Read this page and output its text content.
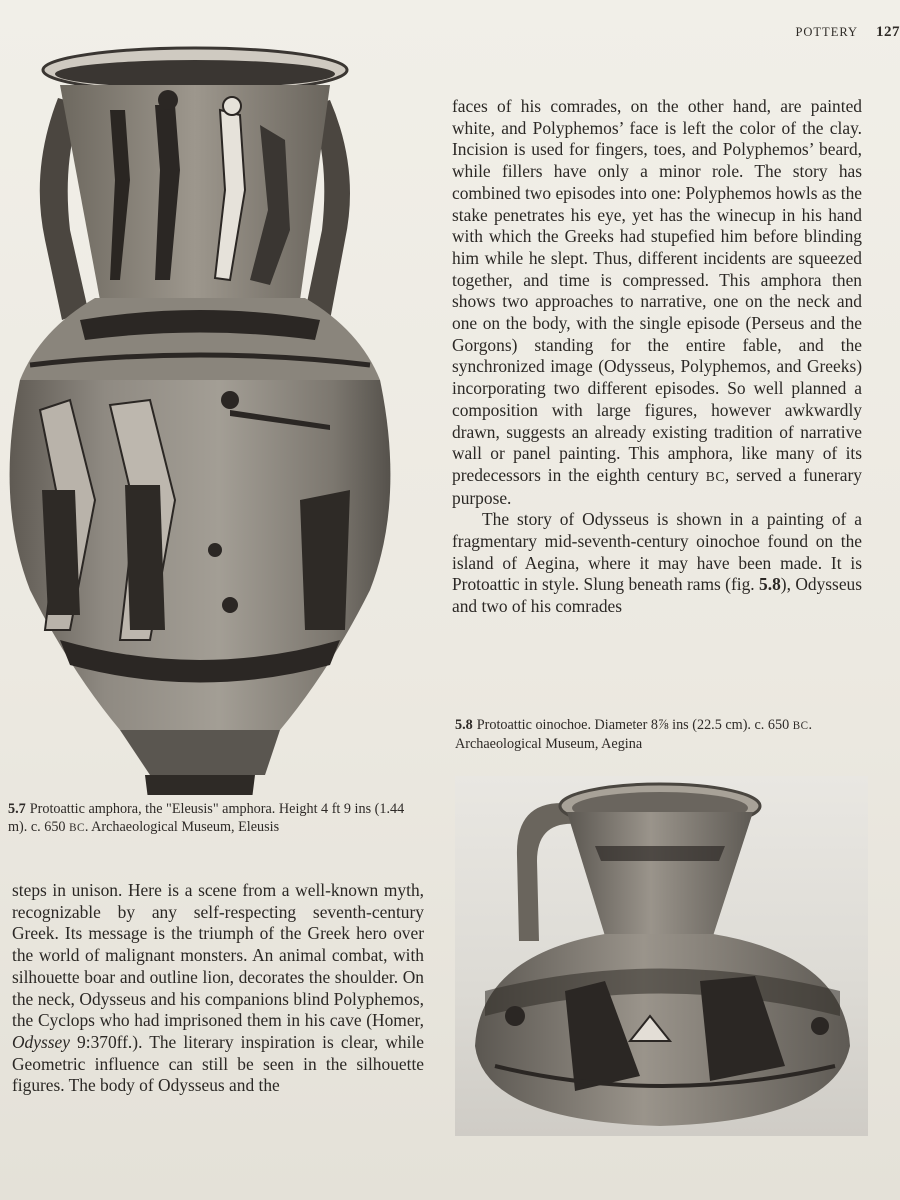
POTTERY 127
5.7 Protoattic amphora, the "Eleusis" amphora. Height 4 ft 9 ins (1.44 m). c. 650 BC. Archaeological Museum, Eleusis

faces of his comrades, on the other hand, are painted white, and Polyphemos’ face is left the color of the clay. Incision is used for fingers, toes, and Polyphemos’ beard, while fillers have only a minor role. The story has combined two episodes into one: Polyphemos howls as the stake penetrates his eye, yet has the winecup in his hand with which the Greeks had stupefied him before blinding him while he slept. Thus, different incidents are squeezed together, and time is compressed. This amphora then shows two approaches to narrative, one on the neck and one on the body, with the single episode (Perseus and the Gorgons) standing for the entire fable, and the synchronized image (Odysseus, Polyphemos, and Greeks) incorporating two different episodes. So well planned a composition with large figures, however awkwardly drawn, suggests an already existing tradition of narrative wall or panel painting. This amphora, like many of its predecessors in the eighth century BC, served a funerary purpose.

The story of Odysseus is shown in a painting of a fragmentary mid-seventh-century oinochoe found on the island of Aegina, where it may have been made. It is Protoattic in style. Slung beneath rams (fig. 5.8), Odysseus and two of his comrades

5.8 Protoattic oinochoe. Diameter 8⅞ ins (22.5 cm). c. 650 BC. Archaeological Museum, Aegina

steps in unison. Here is a scene from a well-known myth, recognizable by any self-respecting seventh-century Greek. Its message is the triumph of the Greek hero over the world of malignant monsters. An animal combat, with silhouette boar and outline lion, decorates the shoulder. On the neck, Odysseus and his companions blind Polyphemos, the Cyclops who had imprisoned them in his cave (Homer, Odyssey 9:370ff.). The literary inspiration is clear, while Geometric influence can still be seen in the silhouette figures. The body of Odysseus and the
